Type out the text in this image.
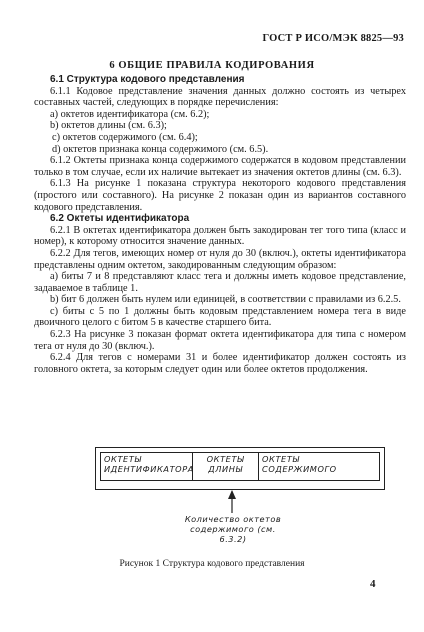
ГОСТ Р ИСО/МЭК 8825—93
6 ОБЩИЕ ПРАВИЛА КОДИРОВАНИЯ

6.1 Структура кодового представления

6.1.1 Кодовое представление значения данных должно состоять из четырех составных частей, следующих в порядке перечисления:

а) октетов идентификатора (см. 6.2);

b) октетов длины (см. 6.3);

с) октетов содержимого (см. 6.4);

d) октетов признака конца содержимого (см. 6.5).

6.1.2 Октеты признака конца содержимого содержатся в кодовом представлении только в том случае, если их наличие вытекает из значения октетов длины (см. 6.3).

6.1.3 На рисунке 1 показана структура некоторого кодового представления (простого или составного). На рисунке 2 показан один из вариантов составного кодового представления.

6.2 Октеты идентификатора

6.2.1 В октетах идентификатора должен быть закодирован тег того типа (класс и номер), к которому относится значение данных.

6.2.2 Для тегов, имеющих номер от нуля до 30 (включ.), октеты идентификатора представлены одним октетом, закодированным следующим образом:

а) биты 7 и 8 представляют класс тега и должны иметь кодовое представление, задаваемое в таблице 1.

b) бит 6 должен быть нулем или единицей, в соответствии с правилами из 6.2.5.

с) биты с 5 по 1 должны быть кодовым представлением номера тега в виде двоичного целого с битом 5 в качестве старшего бита.

6.2.3 На рисунке 3 показан формат октета идентификатора для типа с номером тега от нуля до 30 (включ.).

6.2.4 Для тегов с номерами 31 и более идентификатор должен состоять из головного октета, за которым следует один или более октетов продолжения.

ОКТЕТЫ ИДЕНТИФИКАТОРА
ОКТЕТЫ ДЛИНЫ
ОКТЕТЫ СОДЕРЖИМОГО
Количество октетов содержимого (см. 6.3.2)
Рисунок 1 Структура кодового представления
4
